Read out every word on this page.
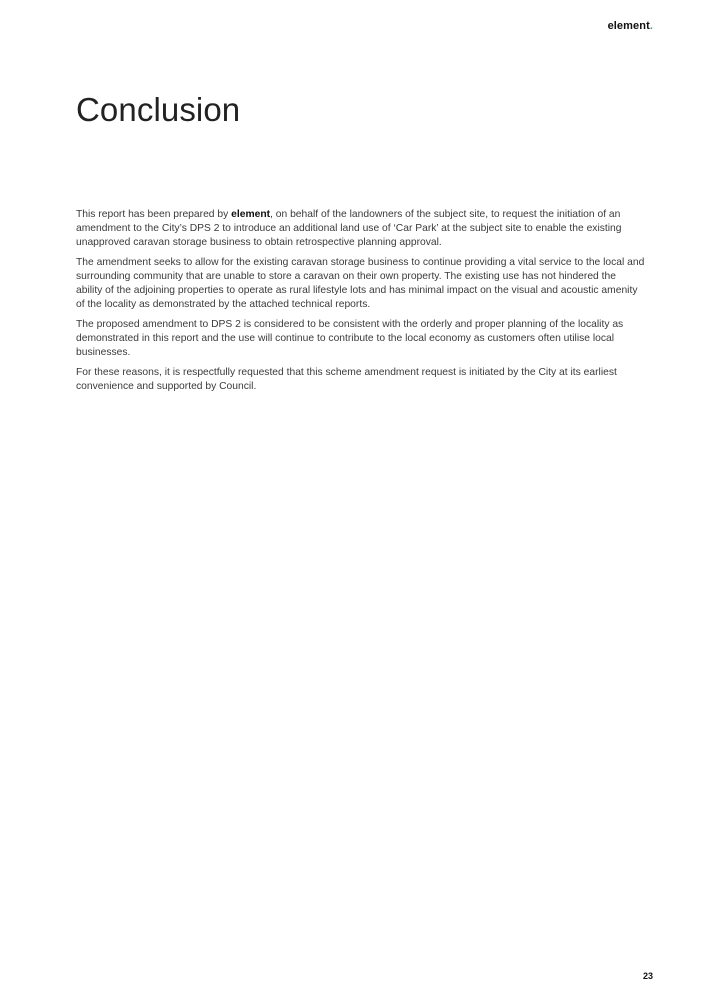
element.
Conclusion

This report has been prepared by element, on behalf of the landowners of the subject site, to request the initiation of an amendment to the City’s DPS 2 to introduce an additional land use of ‘Car Park’ at the subject site to enable the existing unapproved caravan storage business to obtain retrospective planning approval.

The amendment seeks to allow for the existing caravan storage business to continue providing a vital service to the local and surrounding community that are unable to store a caravan on their own property. The existing use has not hindered the ability of the adjoining properties to operate as rural lifestyle lots and has minimal impact on the visual and acoustic amenity of the locality as demonstrated by the attached technical reports.

The proposed amendment to DPS 2 is considered to be consistent with the orderly and proper planning of the locality as demonstrated in this report and the use will continue to contribute to the local economy as customers often utilise local businesses.

For these reasons, it is respectfully requested that this scheme amendment request is initiated by the City at its earliest convenience and supported by Council.

23
